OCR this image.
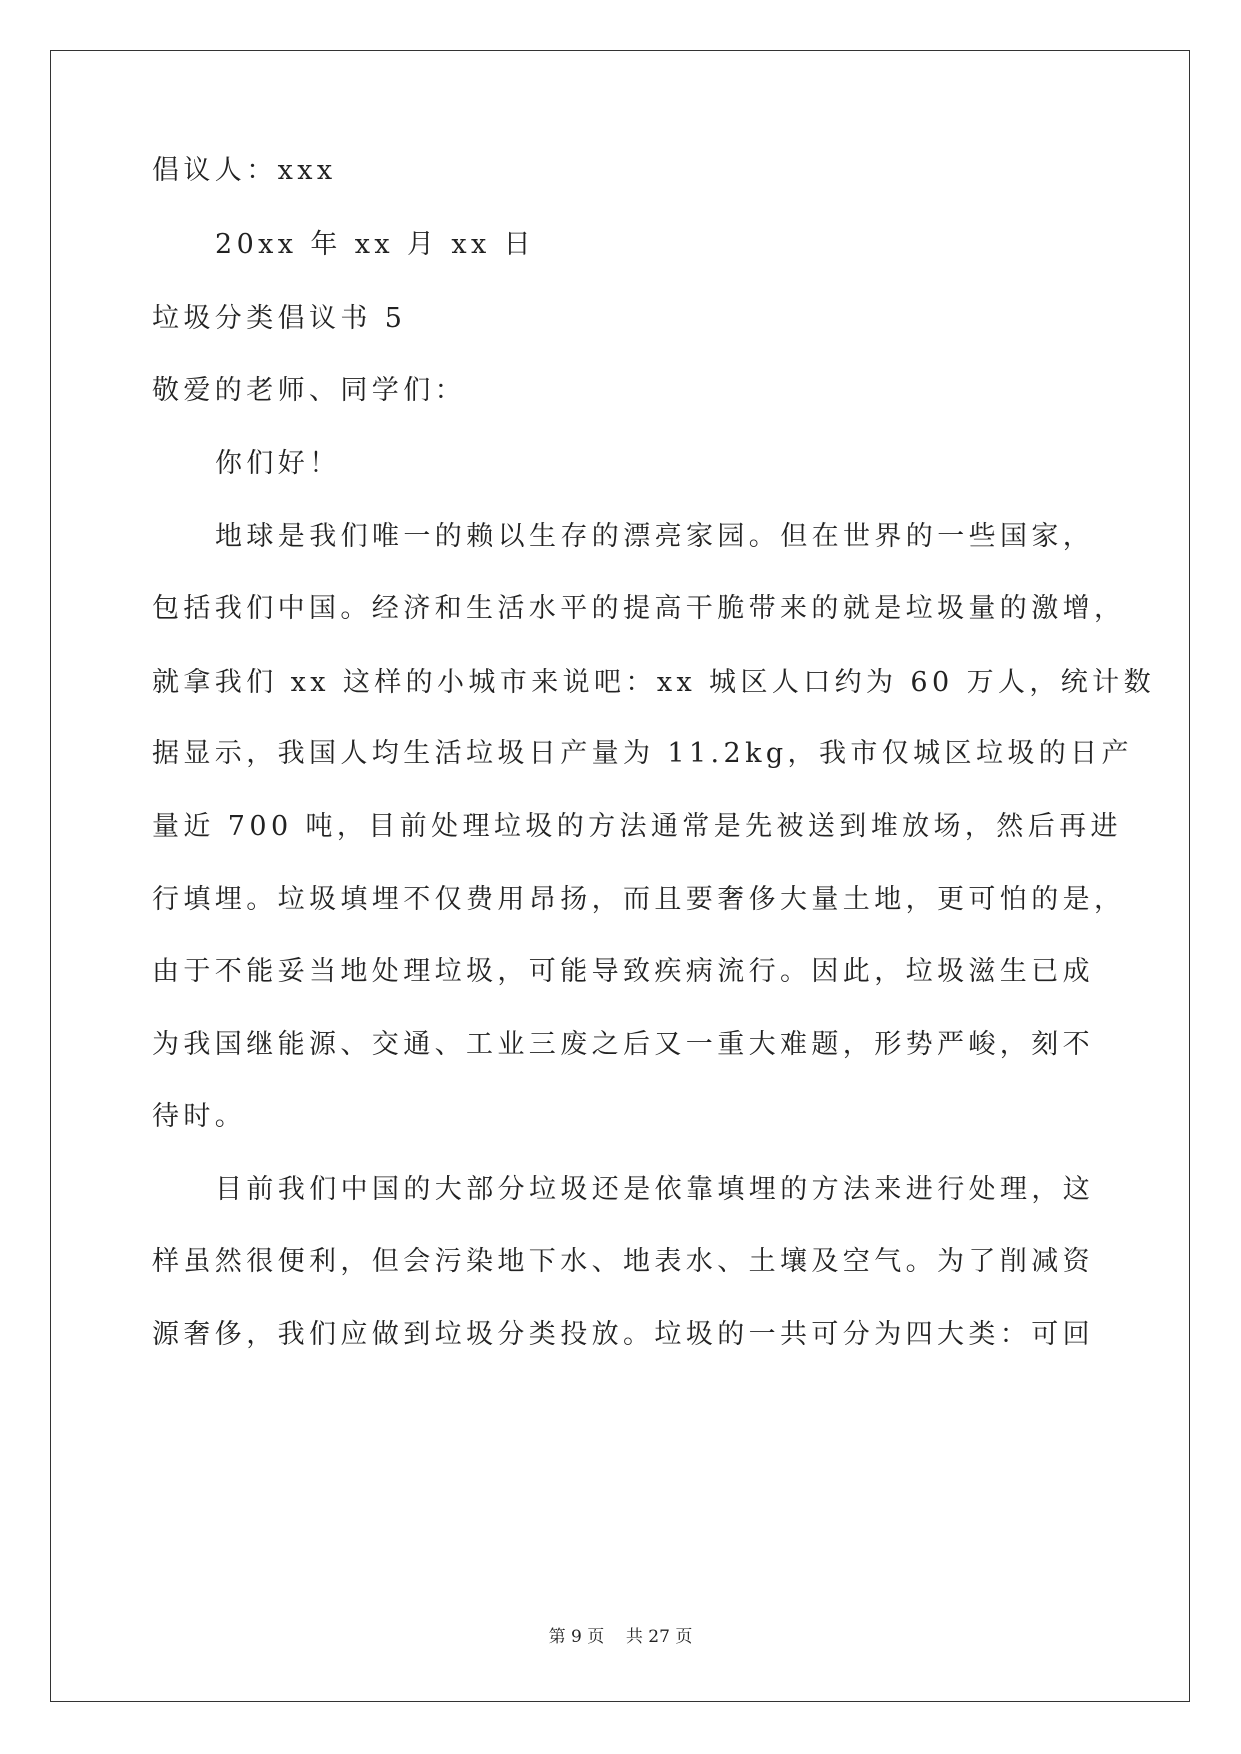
倡议人：xxx
20xx 年 xx 月 xx 日
垃圾分类倡议书 5
敬爱的老师、同学们：
你们好！
地球是我们唯一的赖以生存的漂亮家园。但在世界的一些国家，
包括我们中国。经济和生活水平的提高干脆带来的就是垃圾量的激增，
就拿我们 xx 这样的小城市来说吧：xx 城区人口约为 60 万人，统计数
据显示，我国人均生活垃圾日产量为 11.2kg，我市仅城区垃圾的日产
量近 700 吨，目前处理垃圾的方法通常是先被送到堆放场，然后再进
行填埋。垃圾填埋不仅费用昂扬，而且要奢侈大量土地，更可怕的是，
由于不能妥当地处理垃圾，可能导致疾病流行。因此，垃圾滋生已成
为我国继能源、交通、工业三废之后又一重大难题，形势严峻，刻不
待时。
目前我们中国的大部分垃圾还是依靠填埋的方法来进行处理，这
样虽然很便利，但会污染地下水、地表水、土壤及空气。为了削减资
源奢侈，我们应做到垃圾分类投放。垃圾的一共可分为四大类：可回
第 9 页    共 27 页
